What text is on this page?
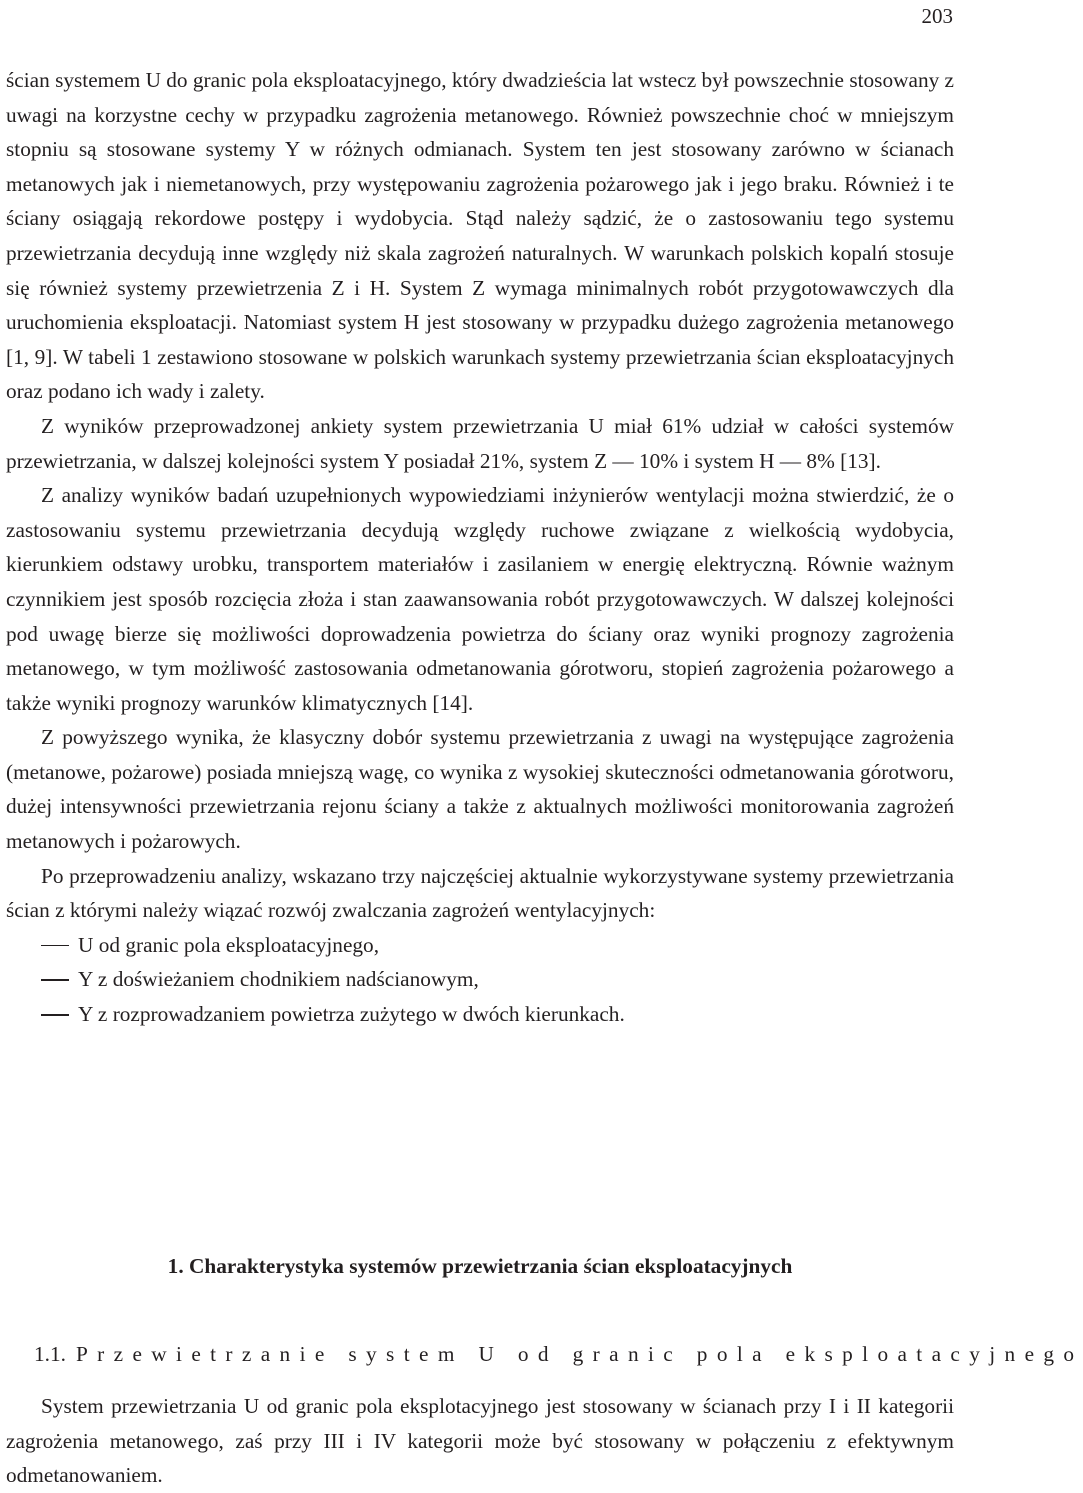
203

ścian systemem U do granic pola eksploatacyjnego, który dwadzieścia lat wstecz był powszechnie stosowany z uwagi na korzystne cechy w przypadku zagrożenia metanowego. Również powszechnie choć w mniejszym stopniu są stosowane systemy Y w różnych odmianach. System ten jest stosowany zarówno w ścianach metanowych jak i niemetanowych, przy występowaniu zagrożenia pożarowego jak i jego braku. Również i te ściany osiągają rekordowe postępy i wydobycia. Stąd należy sądzić, że o zastosowaniu tego systemu przewietrzania decydują inne względy niż skala zagrożeń naturalnych. W warunkach polskich kopalń stosuje się również systemy przewietrzenia Z i H. System Z wymaga minimalnych robót przygotowawczych dla uruchomienia eksploatacji. Natomiast system H jest stosowany w przypadku dużego zagrożenia metanowego [1, 9]. W tabeli 1 zestawiono stosowane w polskich warunkach systemy przewietrzania ścian eksploatacyjnych oraz podano ich wady i zalety.

Z wyników przeprowadzonej ankiety system przewietrzania U miał 61% udział w całości systemów przewietrzania, w dalszej kolejności system Y posiadał 21%, system Z — 10% i system H — 8% [13].

Z analizy wyników badań uzupełnionych wypowiedziami inżynierów wentylacji można stwierdzić, że o zastosowaniu systemu przewietrzania decydują względy ruchowe związane z wielkością wydobycia, kierunkiem odstawy urobku, transportem materiałów i zasilaniem w energię elektryczną. Równie ważnym czynnikiem jest sposób rozcięcia złoża i stan zaawansowania robót przygotowawczych. W dalszej kolejności pod uwagę bierze się możliwości doprowadzenia powietrza do ściany oraz wyniki prognozy zagrożenia metanowego, w tym możliwość zastosowania odmetanowania górotworu, stopień zagrożenia pożarowego a także wyniki prognozy warunków klimatycznych [14].

Z powyższego wynika, że klasyczny dobór systemu przewietrzania z uwagi na występujące zagrożenia (metanowe, pożarowe) posiada mniejszą wagę, co wynika z wysokiej skuteczności odmetanowania górotworu, dużej intensywności przewietrzania rejonu ściany a także z aktualnych możliwości monitorowania zagrożeń metanowych i pożarowych.

Po przeprowadzeniu analizy, wskazano trzy najczęściej aktualnie wykorzystywane systemy przewietrzania ścian z którymi należy wiązać rozwój zwalczania zagrożeń wentylacyjnych:

U od granic pola eksploatacyjnego,
Y z doświeżaniem chodnikiem nadścianowym,
Y z rozprowadzaniem powietrza zużytego w dwóch kierunkach.
1. Charakterystyka systemów przewietrzania ścian eksploatacyjnych
1.1. Przewietrzanie system U od granic pola eksploatacyjnego

System przewietrzania U od granic pola eksplotacyjnego jest stosowany w ścianach przy I i II kategorii zagrożenia metanowego, zaś przy III i IV kategorii może być stosowany w połączeniu z efektywnym odmetanowaniem.
